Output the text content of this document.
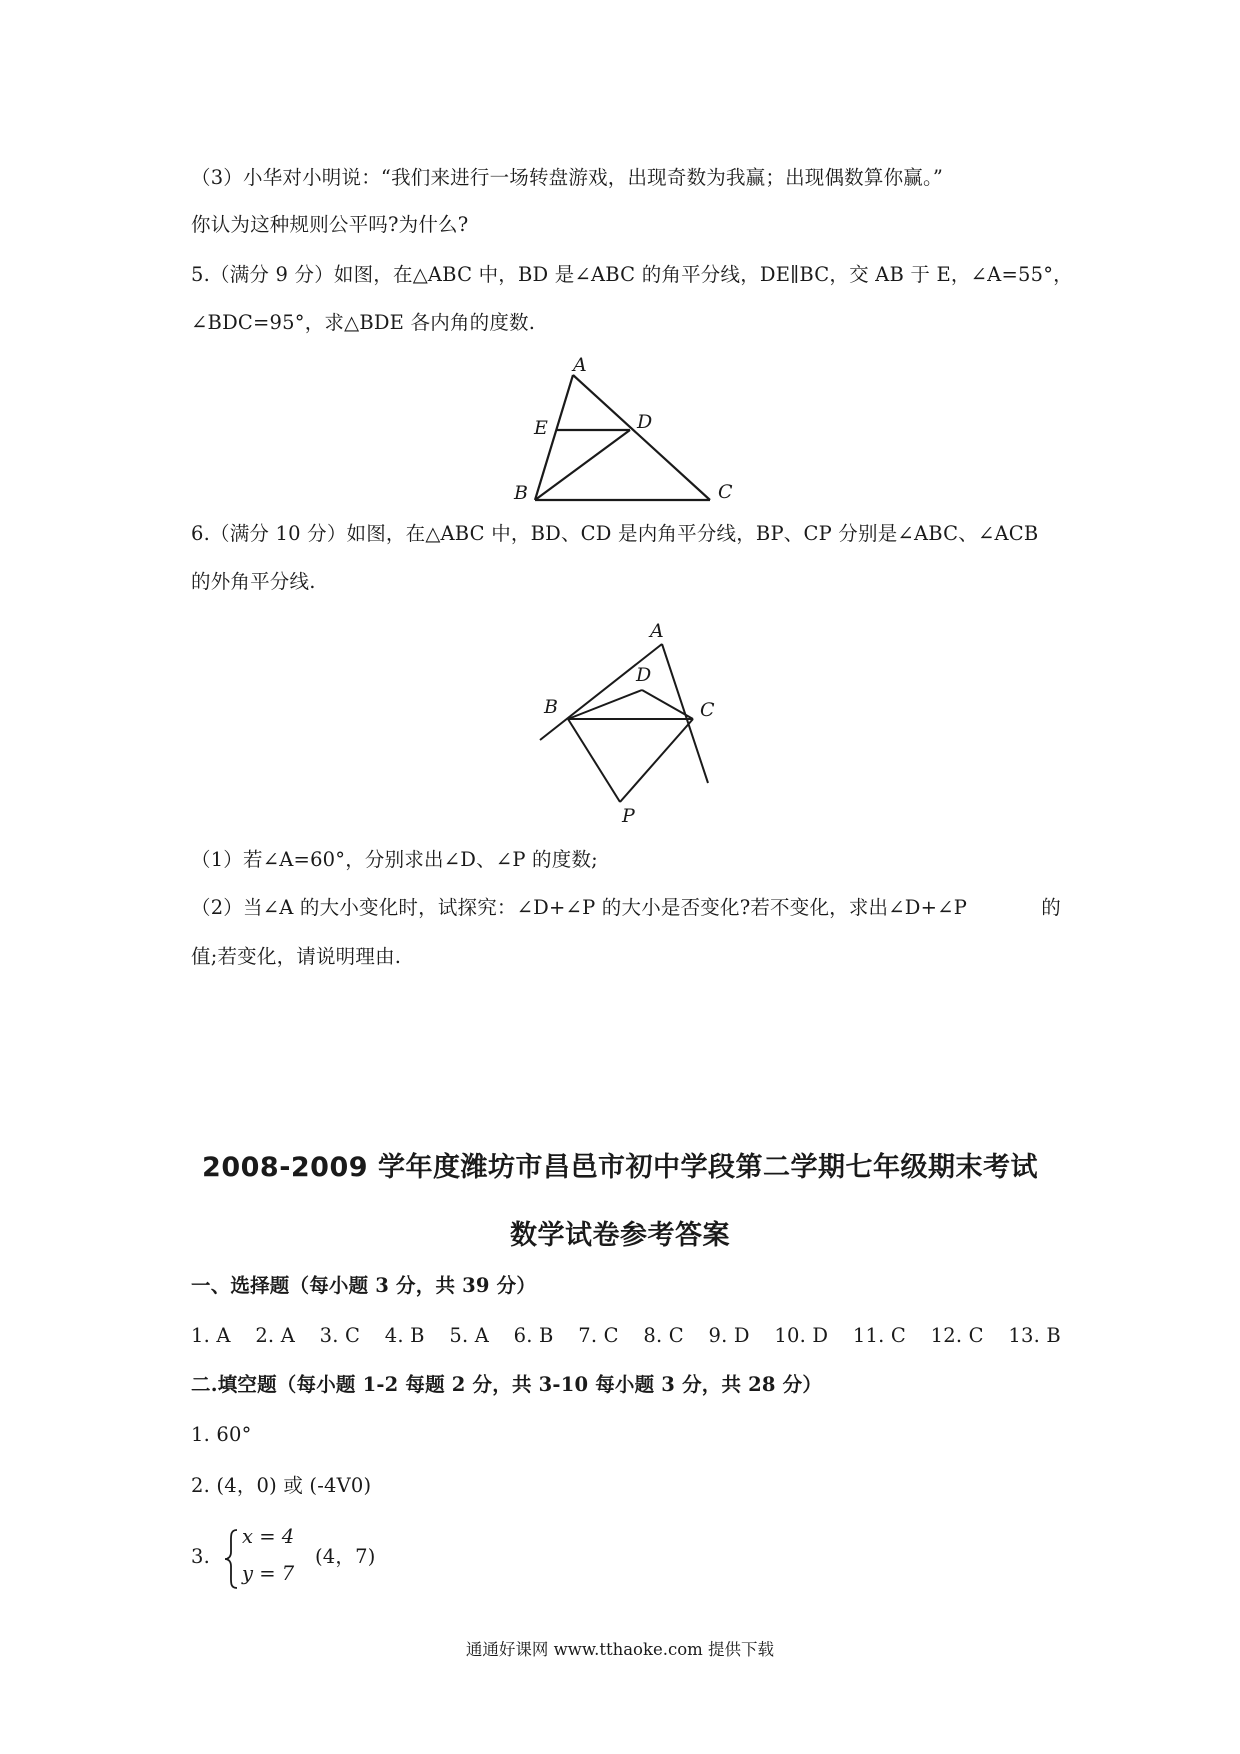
（3）小华对小明说：“我们来进行一场转盘游戏，出现奇数为我赢；出现偶数算你赢。”
你认为这种规则公平吗?为什么?
5.（满分 9 分）如图，在△ABC 中，BD 是∠ABC 的角平分线，DE∥BC，交 AB 于 E，∠A=55° ，
∠BDC=95°，求△BDE 各内角的度数.
A
E	D
B	C
6.（满分 10 分）如图，在△ABC 中，BD、CD 是内角平分线，BP、CP 分别是∠ABC、∠ACB
的外角平分线.
A
D
B	C
P
（1）若∠A=60°，分别求出∠D、∠P 的度数;
（2）当∠A 的大小变化时，试探究：∠D+∠P 的大小是否变化?若不变化，求出∠D+∠P	的
值;若变化，请说明理由.
2008-2009 学年度潍坊市昌邑市初中学段第二学期七年级期末考试
数学试卷参考答案
一、选择题（每小题 3 分，共 39 分）
1. A 2. A 3. C 4. B 5. A 6. B 7. C 8. C 9. D 10. D 11. C 12. C 13. B
二.填空题（每小题 1-2 每题 2 分，共 3-10 每小题 3 分，共 28 分）
1. 60°
2. (4，0) 或 (-4V0)
3.
x = 4
y = 7
(4，7)
通通好课网 www.tthaoke.com 提供下载
